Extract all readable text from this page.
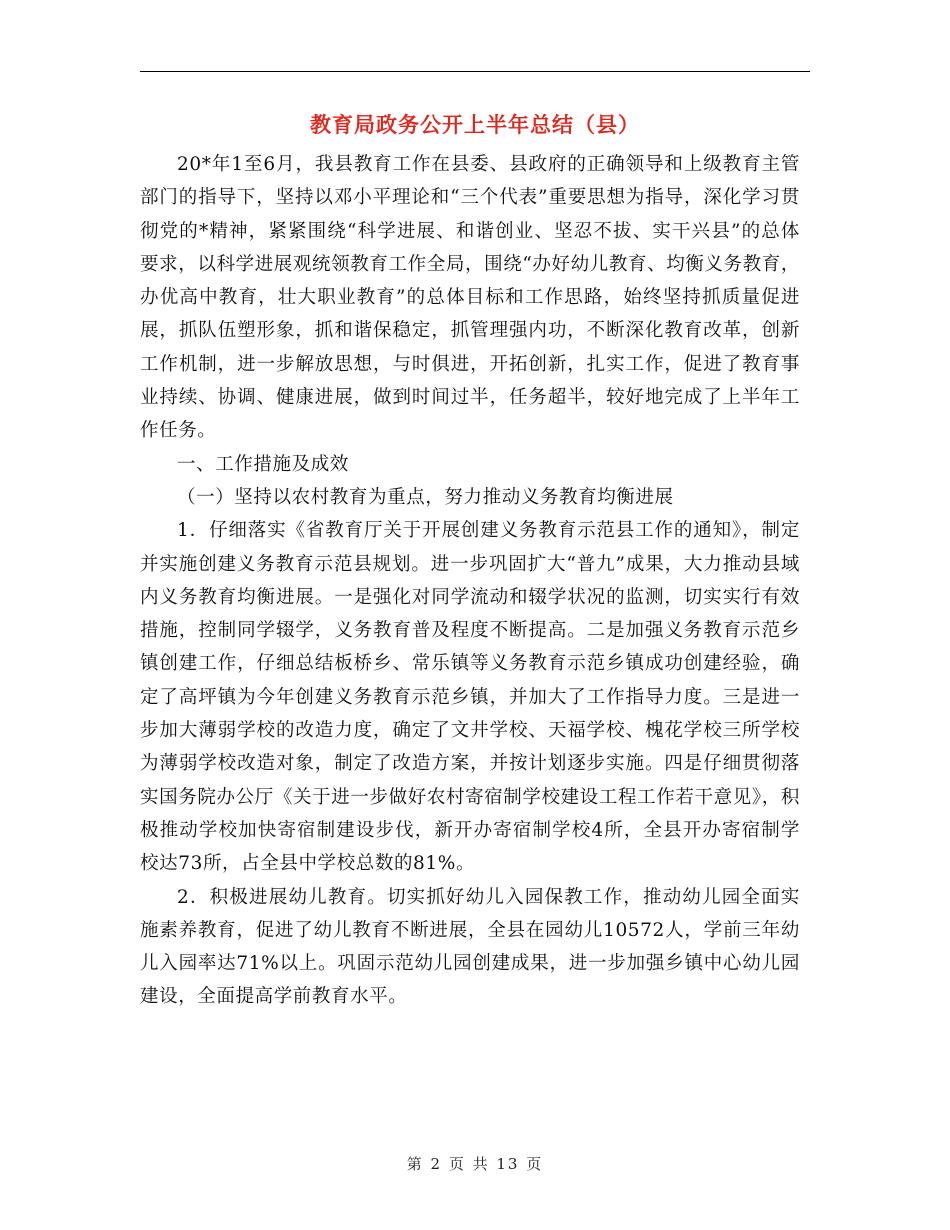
教育局政务公开上半年总结（县）

20*年1至6月，我县教育工作在县委、县政府的正确领导和上级教育主管部门的指导下，坚持以邓小平理论和“三个代表”重要思想为指导，深化学习贯彻党的*精神，紧紧围绕“科学进展、和谐创业、坚忍不拔、实干兴县”的总体要求，以科学进展观统领教育工作全局，围绕“办好幼儿教育、均衡义务教育，办优高中教育，壮大职业教育”的总体目标和工作思路，始终坚持抓质量促进展，抓队伍塑形象，抓和谐保稳定，抓管理强内功，不断深化教育改革，创新工作机制，进一步解放思想，与时俱进，开拓创新，扎实工作，促进了教育事业持续、协调、健康进展，做到时间过半，任务超半，较好地完成了上半年工作任务。

一、工作措施及成效

（一）坚持以农村教育为重点，努力推动义务教育均衡进展

1．仔细落实《省教育厅关于开展创建义务教育示范县工作的通知》，制定并实施创建义务教育示范县规划。进一步巩固扩大“普九”成果，大力推动县域内义务教育均衡进展。一是强化对同学流动和辍学状况的监测，切实实行有效措施，控制同学辍学，义务教育普及程度不断提高。二是加强义务教育示范乡镇创建工作，仔细总结板桥乡、常乐镇等义务教育示范乡镇成功创建经验，确定了高坪镇为今年创建义务教育示范乡镇，并加大了工作指导力度。三是进一步加大薄弱学校的改造力度，确定了文井学校、天福学校、槐花学校三所学校为薄弱学校改造对象，制定了改造方案，并按计划逐步实施。四是仔细贯彻落实国务院办公厅《关于进一步做好农村寄宿制学校建设工程工作若干意见》，积极推动学校加快寄宿制建设步伐，新开办寄宿制学校4所，全县开办寄宿制学校达73所，占全县中学校总数的81%。

2．积极进展幼儿教育。切实抓好幼儿入园保教工作，推动幼儿园全面实施素养教育，促进了幼儿教育不断进展，全县在园幼儿10572人，学前三年幼儿入园率达71%以上。巩固示范幼儿园创建成果，进一步加强乡镇中心幼儿园建设，全面提高学前教育水平。

第 2 页 共 13 页
